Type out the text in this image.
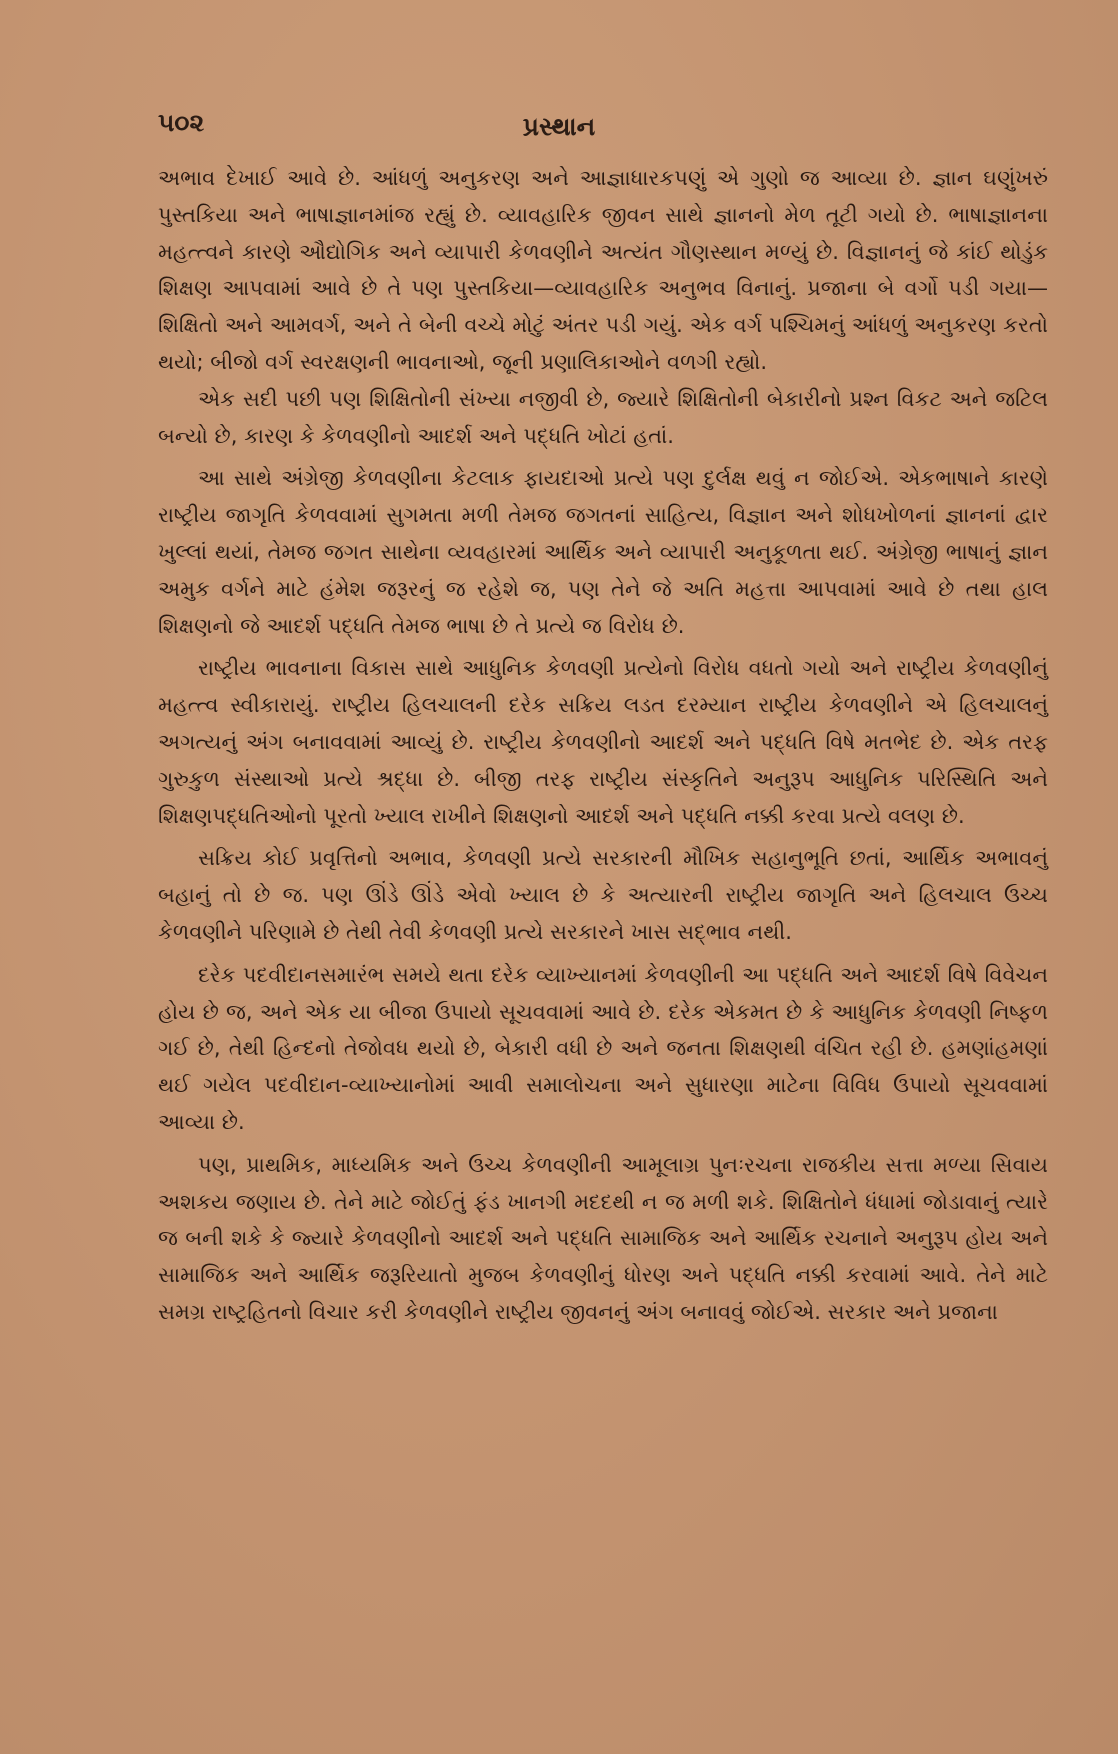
૫૦૨	પ્રસ્થાન

અભાવ દેખાઈ આવે છે. આંધળું અનુકરણ અને આજ્ઞાધારકપણું એ ગુણો જ આવ્યા છે. જ્ઞાન ઘણુંખરું પુસ્તકિયા અને ભાષાજ્ઞાનમાંજ રહ્યું છે. વ્યાવહારિક જીવન સાથે જ્ઞાનનો મેળ તૂટી ગયો છે. ભાષાજ્ઞાનના મહત્ત્વને કારણે ઔદ્યોગિક અને વ્યાપારી કેળવણીને અત્યંત ગૌણસ્થાન મળ્યું છે. વિજ્ઞાનનું જે કાંઈ થોડુંક શિક્ષણ આપવામાં આવે છે તે પણ પુસ્તકિયા—વ્યાવહારિક અનુભવ વિનાનું. પ્રજાના બે વર્ગો પડી ગયા—શિક્ષિતો અને આમવર્ગ, અને તે બેની વચ્ચે મોટું અંતર પડી ગયું. એક વર્ગ પશ્ચિમનું આંધળું અનુકરણ કરતો થયો; બીજો વર્ગ સ્વરક્ષણની ભાવનાઓ, જૂની પ્રણાલિકાઓને વળગી રહ્યો.

એક સદી પછી પણ શિક્ષિતોની સંખ્યા નજીવી છે, જ્યારે શિક્ષિતોની બેકારીનો પ્રશ્ન વિકટ અને જટિલ બન્યો છે, કારણ કે કેળવણીનો આદર્શ અને પદ્ધતિ ખોટાં હતાં.

આ સાથે અંગ્રેજી કેળવણીના કેટલાક ફાયદાઓ પ્રત્યે પણ દુર્લક્ષ થવું ન જોઈએ. એકભાષાને કારણે રાષ્ટ્રીય જાગૃતિ કેળવવામાં સુગમતા મળી તેમજ જગતનાં સાહિત્ય, વિજ્ઞાન અને શોધખોળનાં જ્ઞાનનાં દ્વાર ખુલ્લાં થયાં, તેમજ જગત સાથેના વ્યવહારમાં આર્થિક અને વ્યાપારી અનુકૂળતા થઈ. અંગ્રેજી ભાષાનું જ્ઞાન અમુક વર્ગને માટે હંમેશ જરૂરનું જ રહેશે જ, પણ તેને જે અતિ મહત્તા આપવામાં આવે છે તથા હાલ શિક્ષણનો જે આદર્શ પદ્ધતિ તેમજ ભાષા છે તે પ્રત્યે જ વિરોધ છે.

રાષ્ટ્રીય ભાવનાના વિકાસ સાથે આધુનિક કેળવણી પ્રત્યેનો વિરોધ વધતો ગયો અને રાષ્ટ્રીય કેળવણીનું મહત્ત્વ સ્વીકારાયું. રાષ્ટ્રીય હિલચાલની દરેક સક્રિય લડત દરમ્યાન રાષ્ટ્રીય કેળવણીને એ હિલચાલનું અગત્યનું અંગ બનાવવામાં આવ્યું છે. રાષ્ટ્રીય કેળવણીનો આદર્શ અને પદ્ધતિ વિષે મતભેદ છે. એક તરફ ગુરુકુળ સંસ્થાઓ પ્રત્યે શ્રદ્ધા છે. બીજી તરફ રાષ્ટ્રીય સંસ્કૃતિને અનુરૂપ આધુનિક પરિસ્થિતિ અને શિક્ષણપદ્ધતિઓનો પૂરતો ખ્યાલ રાખીને શિક્ષણનો આદર્શ અને પદ્ધતિ નક્કી કરવા પ્રત્યે વલણ છે.

સક્રિય કોઈ પ્રવૃત્તિનો અભાવ, કેળવણી પ્રત્યે સરકારની મૌખિક સહાનુભૂતિ છતાં, આર્થિક અભાવનું બહાનું તો છે જ. પણ ઊંડે ઊંડે એવો ખ્યાલ છે કે અત્યારની રાષ્ટ્રીય જાગૃતિ અને હિલચાલ ઉચ્ચ કેળવણીને પરિણામે છે તેથી તેવી કેળવણી પ્રત્યે સરકારને ખાસ સદ્ભાવ નથી.

દરેક પદવીદાનસમારંભ સમયે થતા દરેક વ્યાખ્યાનમાં કેળવણીની આ પદ્ધતિ અને આદર્શ વિષે વિવેચન હોય છે જ, અને એક યા બીજા ઉપાયો સૂચવવામાં આવે છે. દરેક એકમત છે કે આધુનિક કેળવણી નિષ્ફળ ગઈ છે, તેથી હિન્દનો તેજોવધ થયો છે, બેકારી વધી છે અને જનતા શિક્ષણથી વંચિત રહી છે. હમણાંહમણાં થઈ ગયેલ પદવીદાન-વ્યાખ્યાનોમાં આવી સમાલોચના અને સુધારણા માટેના વિવિધ ઉપાયો સૂચવવામાં આવ્યા છે.

પણ, પ્રાથમિક, માધ્યમિક અને ઉચ્ચ કેળવણીની આમૂલાગ્ર પુનઃરચના રાજકીય સત્તા મળ્યા સિવાય અશકય જણાય છે. તેને માટે જોઈતું ફંડ ખાનગી મદદથી ન જ મળી શકે. શિક્ષિતોને ધંધામાં જોડાવાનું ત્યારે જ બની શકે કે જ્યારે કેળવણીનો આદર્શ અને પદ્ધતિ સામાજિક અને આર્થિક રચનાને અનુરૂપ હોય અને સામાજિક અને આર્થિક જરૂરિયાતો મુજબ કેળવણીનું ધોરણ અને પદ્ધતિ નક્કી કરવામાં આવે. તેને માટે સમગ્ર રાષ્ટ્રહિતનો વિચાર કરી કેળવણીને રાષ્ટ્રીય જીવનનું અંગ બનાવવું જોઈએ. સરકાર અને પ્રજાના
